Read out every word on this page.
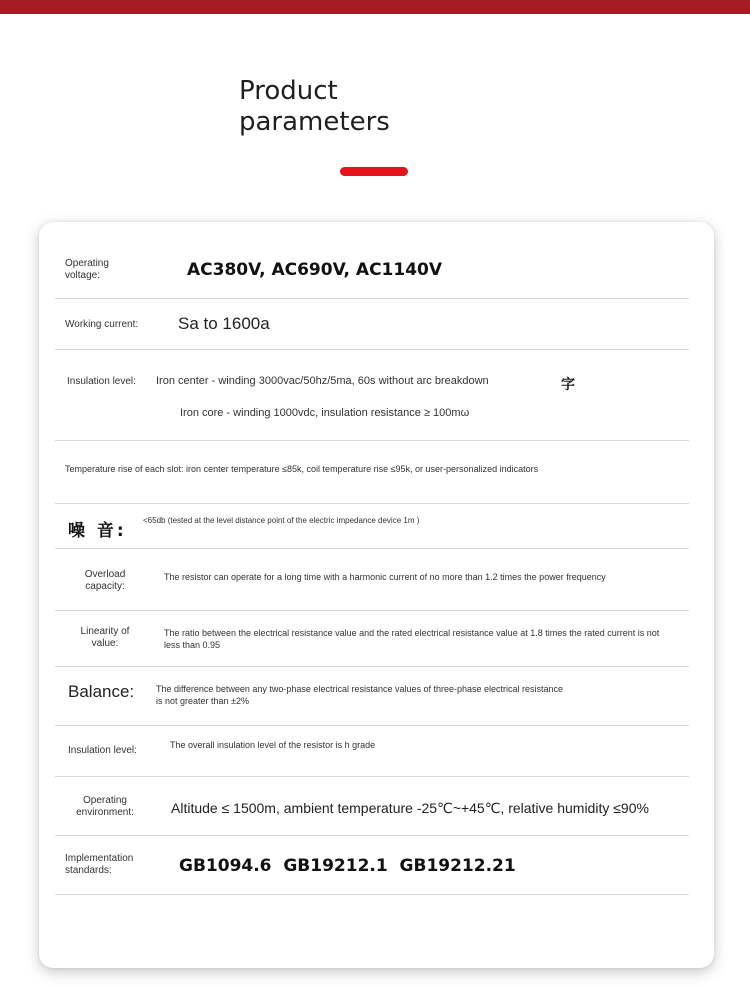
Product
parameters
Operating voltage:	AC380V, AC690V, AC1140V
Working current: Sa to 1600a
Insulation level: Iron center - winding 3000vac/50hz/5ma, 60s without arc breakdown	字
Iron core - winding 1000vdc, insulation resistance ≥ 100mω
Temperature rise of each slot: iron center temperature ≤85k, coil temperature rise ≤95k, or user-personalized indicators
噪 音:
<65db (tested at the level distance point of the electric impedance device 1m )
Overload capacity:
The resistor can operate for a long time with a harmonic current of no more than 1.2 times the power frequency
Linearity of value:
The ratio between the electrical resistance value and the rated electrical resistance value at 1.8 times the rated current is not less than 0.95
Balance: The difference between any two-phase electrical resistance values of three-phase electrical resistance is not greater than ±2%
Insulation level:	The overall insulation level of the resistor is h grade
Operating environment:	Altitude ≤ 1500m, ambient temperature -25℃~+45℃, relative humidity ≤90%
Implementation standards:	GB1094.6  GB19212.1  GB19212.21
